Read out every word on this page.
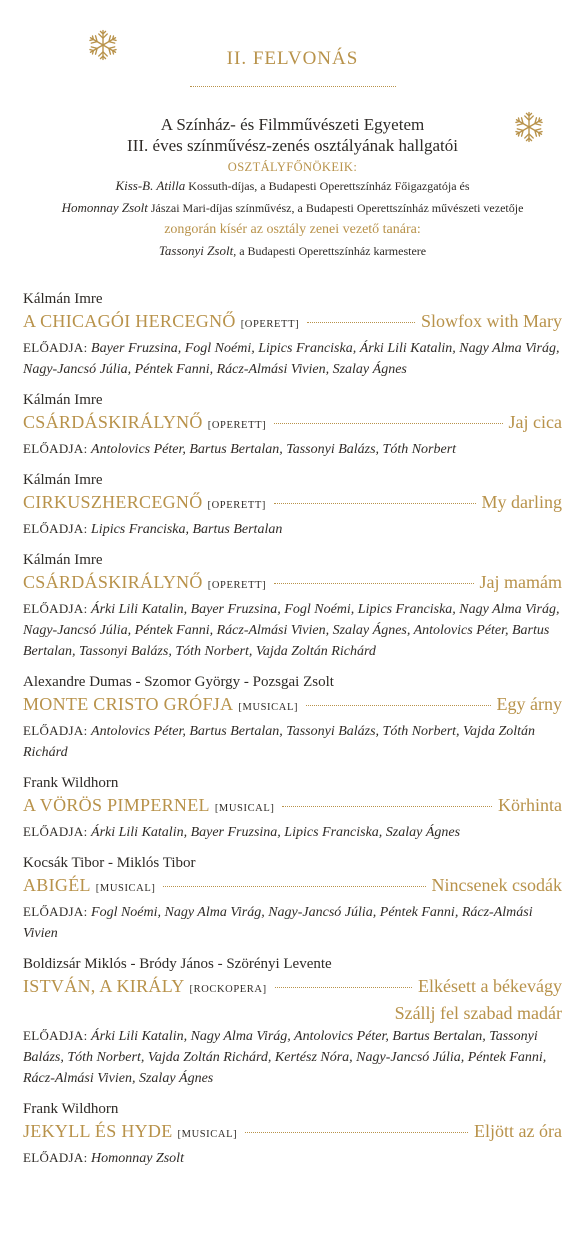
II. FELVONÁS
A Színház- és Filmművészeti Egyetem
III. éves színművész-zenés osztályának hallgatói
OSZTÁLYFŐNÖKEIK:
Kiss-B. Atilla Kossuth-díjas, a Budapesti Operettszínház Főigazgatója és
Homonnay Zsolt Jászai Mari-díjas színművész, a Budapesti Operettszínház művészeti vezetője
zongorán kísér az osztály zenei vezető tanára:
Tassonyi Zsolt, a Budapesti Operettszínház karmestere
Kálmán Imre
A CHICAGÓI HERCEGNŐ [OPERETT]	Slowfox with Mary
ELŐADJA: Bayer Fruzsina, Fogl Noémi, Lipics Franciska, Árki Lili Katalin, Nagy Alma Virág, Nagy-Jancsó Júlia, Péntek Fanni, Rácz-Almási Vivien, Szalay Ágnes
Kálmán Imre
CSÁRDÁSKIRÁLYNŐ [OPERETT]	Jaj cica
ELŐADJA: Antolovics Péter, Bartus Bertalan, Tassonyi Balázs, Tóth Norbert
Kálmán Imre
CIRKUSZHERCEGNŐ [OPERETT]	My darling
ELŐADJA: Lipics Franciska, Bartus Bertalan
Kálmán Imre
CSÁRDÁSKIRÁLYNŐ [OPERETT]	Jaj mamám
ELŐADJA: Árki Lili Katalin, Bayer Fruzsina, Fogl Noémi, Lipics Franciska, Nagy Alma Virág, Nagy-Jancsó Júlia, Péntek Fanni, Rácz-Almási Vivien, Szalay Ágnes, Antolovics Péter, Bartus Bertalan, Tassonyi Balázs, Tóth Norbert, Vajda Zoltán Richárd
Alexandre Dumas - Szomor György - Pozsgai Zsolt
MONTE CRISTO GRÓFJA [MUSICAL]	Egy árny
ELŐADJA: Antolovics Péter, Bartus Bertalan, Tassonyi Balázs, Tóth Norbert, Vajda Zoltán Richárd
Frank Wildhorn
A VÖRÖS PIMPERNEL [MUSICAL]	Körhinta
ELŐADJA: Árki Lili Katalin, Bayer Fruzsina, Lipics Franciska, Szalay Ágnes
Kocsák Tibor - Miklós Tibor
ABIGÉL [MUSICAL]	Nincsenek csodák
ELŐADJA: Fogl Noémi, Nagy Alma Virág, Nagy-Jancsó Júlia, Péntek Fanni, Rácz-Almási Vivien
Boldizsár Miklós - Bródy János - Szörényi Levente
ISTVÁN, A KIRÁLY [ROCKOPERA]	Elkésett a békevágy
Szállj fel szabad madár
ELŐADJA: Árki Lili Katalin, Nagy Alma Virág, Antolovics Péter, Bartus Bertalan, Tassonyi Balázs, Tóth Norbert, Vajda Zoltán Richárd, Kertész Nóra, Nagy-Jancsó Júlia, Péntek Fanni, Rácz-Almási Vivien, Szalay Ágnes
Frank Wildhorn
JEKYLL ÉS HYDE [MUSICAL]	Eljött az óra
ELŐADJA: Homonnay Zsolt
